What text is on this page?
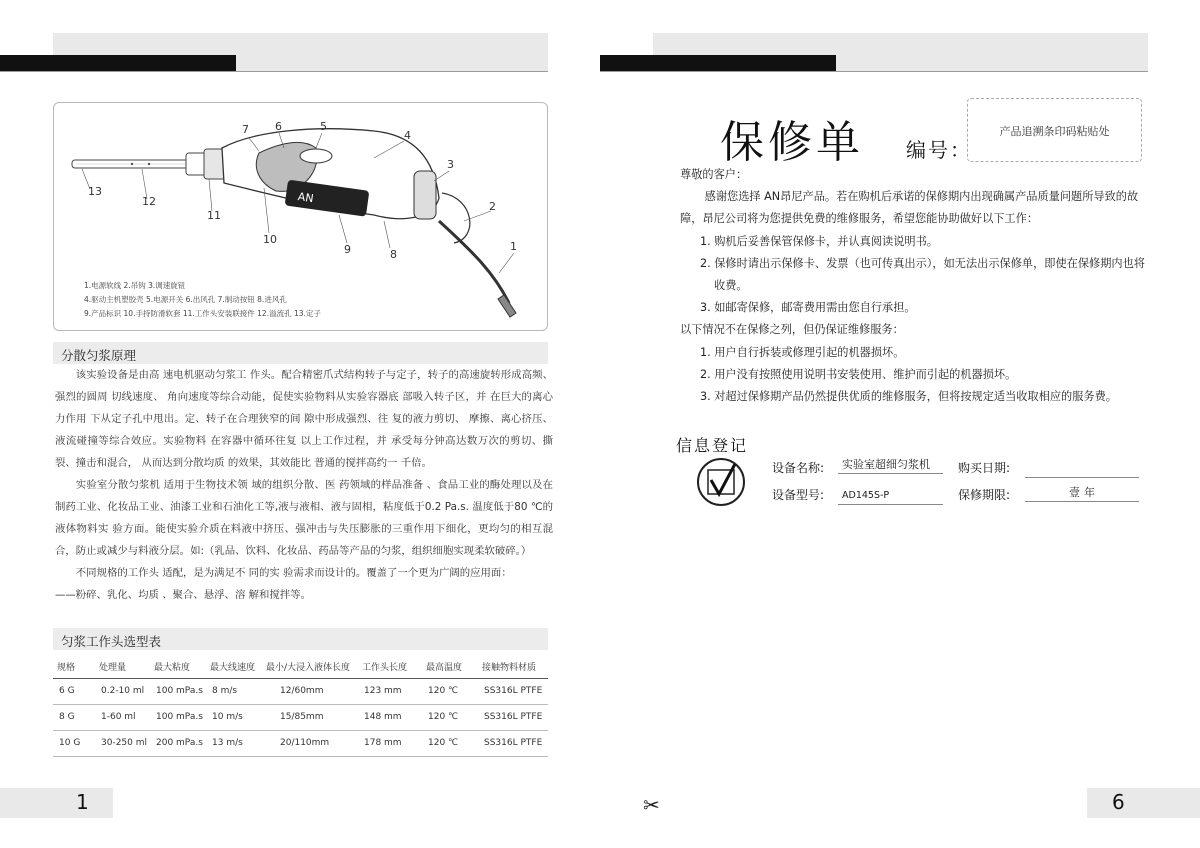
AN
7 6	5
4
3
2
1
8
9
10
11
12
13
1.电源软线 2.吊钩 3.调速旋钮
4.驱动主机塑胶壳 5.电源开关 6.出风孔 7.制动按钮 8.进风孔
9.产品标识 10.手持防滑软套 11.工作头安装联接件 12.溢流孔 13.定子
分散匀浆原理

该实验设备是由高 速电机驱动匀浆工 作头。配合精密爪式结构转子与定子，转子的高速旋转形成高频、强烈的圆周 切线速度、 角向速度等综合动能，促使实验物料从实验容器底 部吸入转子区，并 在巨大的离心力作用 下从定子孔中甩出。定、转子在合理狭窄的间 隙中形成强烈、往 复的液力剪切、 摩擦、离心挤压、液流碰撞等综合效应。实验物料 在容器中循环往复 以上工作过程，并 承受每分钟高达数万次的剪切、撕 裂、撞击和混合， 从而达到分散均质 的效果，其效能比 普通的搅拌高约一 千倍。

实验室分散匀浆机 适用于生物技术领 域的组织分散、医 药领域的样品准备 、食品工业的酶处理以及在制药工业、化妆品工业、油漆工业和石油化工等,液与液相、液与固相，粘度低于0.2 Pa.s. 温度低于80 ℃的液体物料实 验方面。能使实验介质在料液中挤压、强冲击与失压膨胀的三重作用下细化，更均匀的相互混合，防止或减少与料液分层。如:（乳品、饮料、化妆品、药品等产品的匀浆，组织细胞实现柔软破碎。）

不同规格的工作头 适配，是为满足不 同的实 验需求而设计的。覆盖了一个更为广阔的应用面：

——粉碎、乳化、均质 、聚合、悬浮、溶 解和搅拌等。

匀浆工作头选型表
规格	处理量	最大粘度	最大线速度	最小/大浸入液体长度	工作头长度	最高温度	接触物料材质
6 G	0.2-10 ml	100 mPa.s	8 m/s	12/60mm	123 mm	120 ℃	SS316L PTFE
8 G	1-60 ml	100 mPa.s	10 m/s	15/85mm	148 mm	120 ℃	SS316L PTFE
10 G	30-250 ml	200 mPa.s	13 m/s	20/110mm	178 mm	120 ℃	SS316L PTFE
1
保修单 编号：
产品追溯条印码粘贴处

尊敬的客户：

感谢您选择 AN昂尼产品。若在购机后承诺的保修期内出现确属产品质量问题所导致的故障，昂尼公司将为您提供免费的维修服务，希望您能协助做好以下工作：

1. 购机后妥善保管保修卡，并认真阅读说明书。

2. 保修时请出示保修卡、发票（也可传真出示），如无法出示保修单，即使在保修期内也将收费。

3. 如邮寄保修，邮寄费用需由您自行承担。

以下情况不在保修之列，但仍保证维修服务：

1. 用户自行拆装或修理引起的机器损坏。

2. 用户没有按照使用说明书安装使用、维护而引起的机器损坏。

3. 对超过保修期产品仍然提供优质的维修服务，但将按规定适当收取相应的服务费。

信息登记
设备名称:	实验室超细匀浆机	购买日期:
设备型号:	AD145S-P	保修期限:	壹年
✂	6
